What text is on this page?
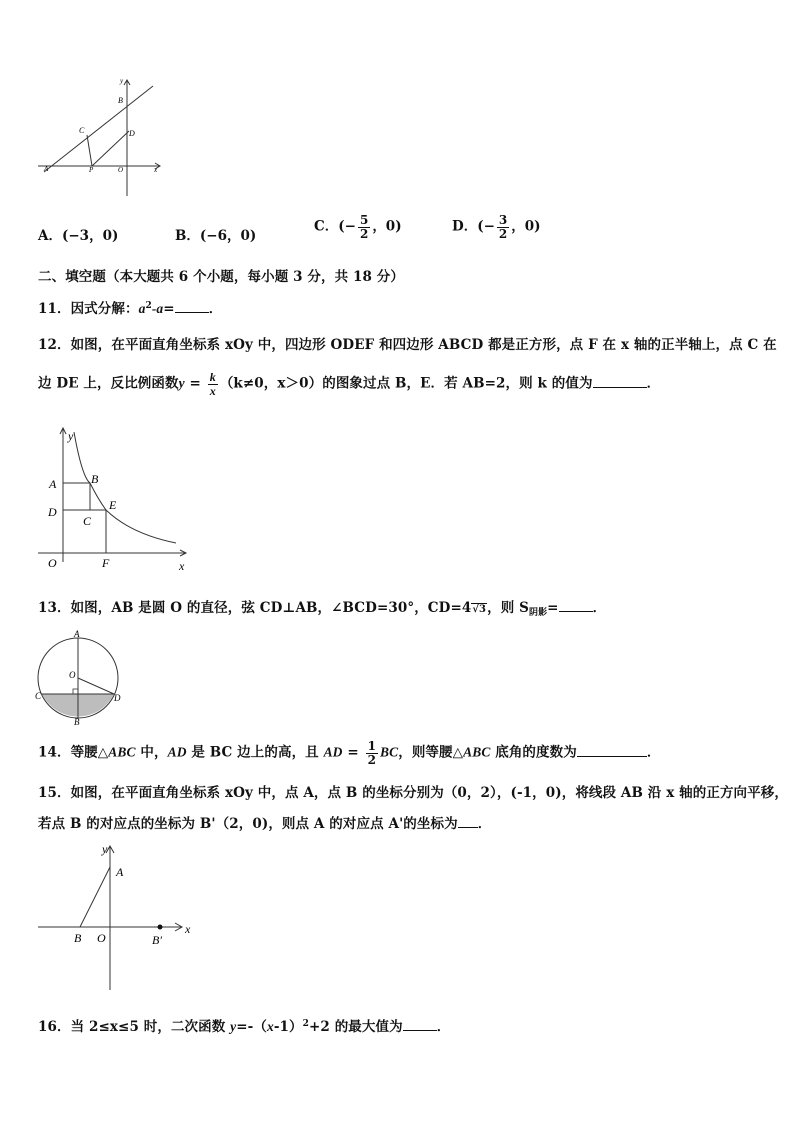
y
B
C	D
A	P	O	x
A．(−3，0)	B．(−6，0)
C．(− $\frac{5}{2}$ ，0)	D．(− $\frac{3}{2}$ ，0)
二、填空题（本大题共 6 个小题，每小题 3 分，共 18 分）
11．因式分解：$a^2-a=$	．
12．如图，在平面直角坐标系 xOy 中，四边形 ODEF 和四边形 ABCD 都是正方形，点 F 在 x 轴的正半轴上，点 C 在
边 DE 上，反比例函数$y = \frac{k}{x} (k\ne 0$，x＞0）的图象过点 B，E．若 AB=2，则 k 的值为	．
y
A	B
D	E
C
O	F	x
13．如图，AB 是圆 O 的直径，弦 CD⊥AB，∠BCD=30°，CD=4√3，则 $S_{阴影}=$	．
A
O
C	D
B
14．等腰△ABC 中，AD 是 BC 边上的高，且 AD = $\frac{1}{2}$ BC，则等腰△ABC 底角的度数为	．
15．如图，在平面直角坐标系 xOy 中，点 A，点 B 的坐标分别为（0，2），(-1，0)，将线段 AB 沿 x 轴的正方向平移，
若点 B 的对应点的坐标为 B'（2，0)，则点 A 的对应点 A'的坐标为 ．
y
A
B O	B′
x
16．当 2≤x≤5 时，二次函数 $y=-(x-1)^2+2$ 的最大值为	．
